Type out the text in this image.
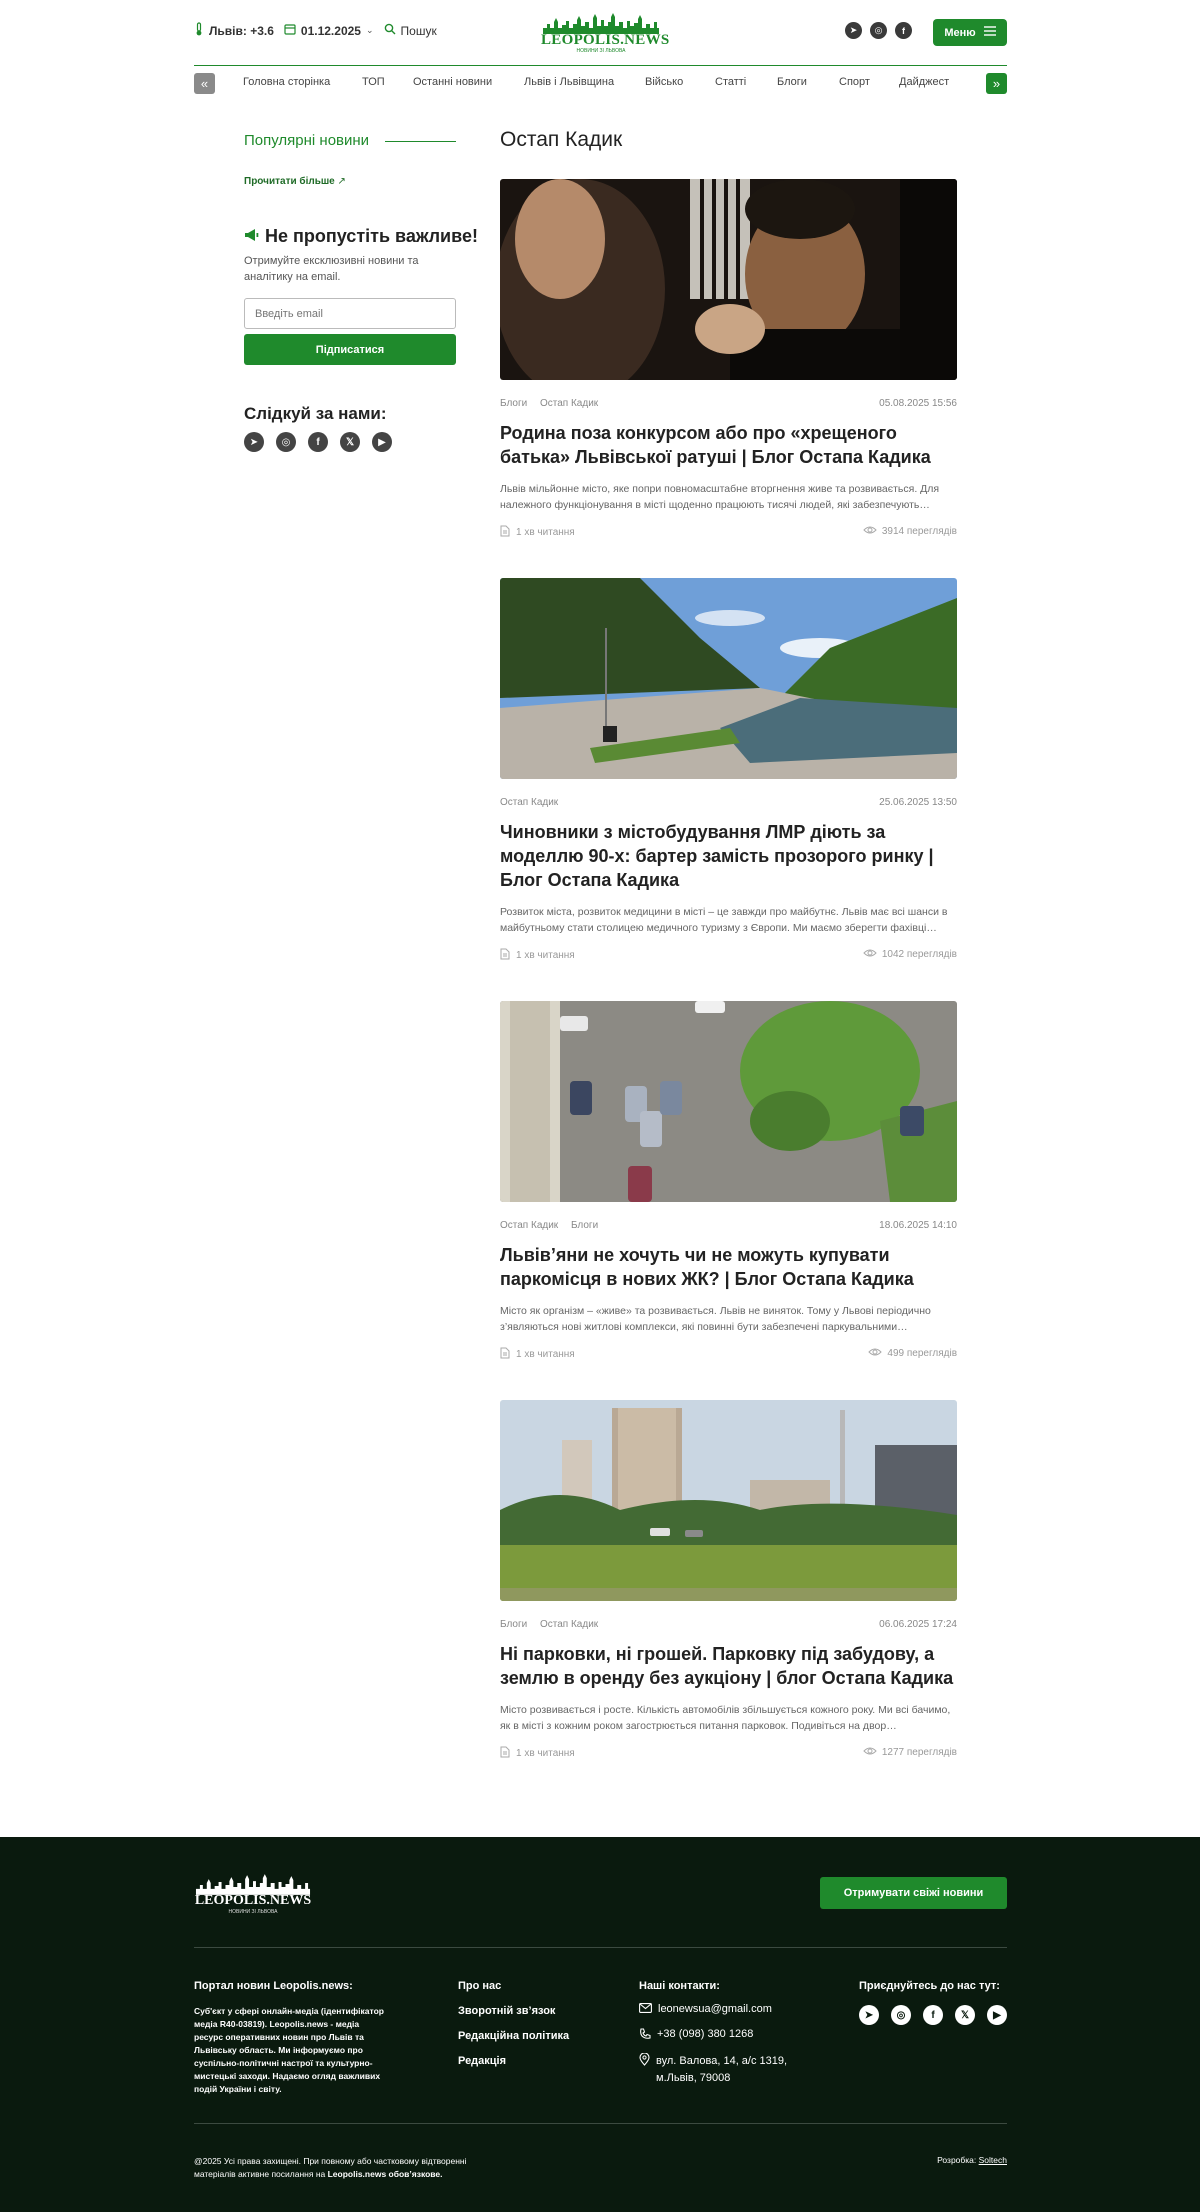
Львів: +3.6 01.12.2025 ⌄ Пошук
LEOPOLIS.NEWS
НОВИНИ ЗІ ЛЬВОВА
➤	◎	f	Меню
«	Головна сторінка	ТОП	Останні новини	Львів і Львівщина	Військо	Статті	Блоги	Спорт	Дайджест	»
Популярні новини
Прочитати більше ↗
Не пропустіть важливе!
Отримуйте ексклюзивні новини та аналітику на email.
Введіть email
Підписатися
Слідкуй за нами:
➤	◎	f	𝕏	▶
Остап Кадик
Блоги Остап Кадик	05.08.2025 15:56
Родина поза конкурсом або про «хрещеного батька» Львівської ратуші | Блог Остапа Кадика
Львів мільйонне місто, яке попри повномасштабне вторгнення живе та розвивається. Для належного функціонування в місті щоденно працюють тисячі людей, які забезпечують…
1 хв читання	3914 переглядів
Остап Кадик	25.06.2025 13:50
Чиновники з містобудування ЛМР діють за моделлю 90-х: бартер замість прозорого ринку | Блог Остапа Кадика
Розвиток міста, розвиток медицини в місті – це завжди про майбутнє. Львів має всі шанси в майбутньому стати столицею медичного туризму з Європи. Ми маємо зберегти фахівці…
1 хв читання	1042 переглядів
Остап Кадик Блоги	18.06.2025 14:10
Львів’яни не хочуть чи не можуть купувати паркомісця в нових ЖК? | Блог Остапа Кадика
Місто як організм – «живе» та розвивається. Львів не виняток. Тому у Львові періодично з’являються нові житлові комплекси, які повинні бути забезпечені паркувальними…
1 хв читання	499 переглядів
Блоги Остап Кадик	06.06.2025 17:24
Ні парковки, ні грошей. Парковку під забудову, а землю в оренду без аукціону | блог Остапа Кадика
Місто розвивається і росте. Кількість автомобілів збільшується кожного року. Ми всі бачимо, як в місті з кожним роком загострюється питання парковок. Подивіться на двор…
1 хв читання	1277 переглядів
LEOPOLIS.NEWS
НОВИНИ ЗІ ЛЬВОВА
Отримувати свіжі новини
Портал новин Leopolis.news:
Суб'єкт у сфері онлайн-медіа (ідентифікатор медіа R40-03819). Leopolis.news - медіа ресурс оперативних новин про Львів та Львівську область. Ми інформуємо про суспільно-політичні настрої та культурно-мистецькі заходи. Надаємо огляд важливих подій України і світу.
Про нас
Зворотній зв’язок
Редакційна політика
Редакція
Наші контакти:
leonewsua@gmail.com
+38 (098) 380 1268
вул. Валова, 14, а/с 1319,
м.Львів, 79008
Приєднуйтесь до нас тут:
➤	◎	f	𝕏	▶
@2025 Усі права захищені. При повному або частковому відтворенні
матеріалів активне посилання на Leopolis.news обов’язкове.
Розробка: Soltech
